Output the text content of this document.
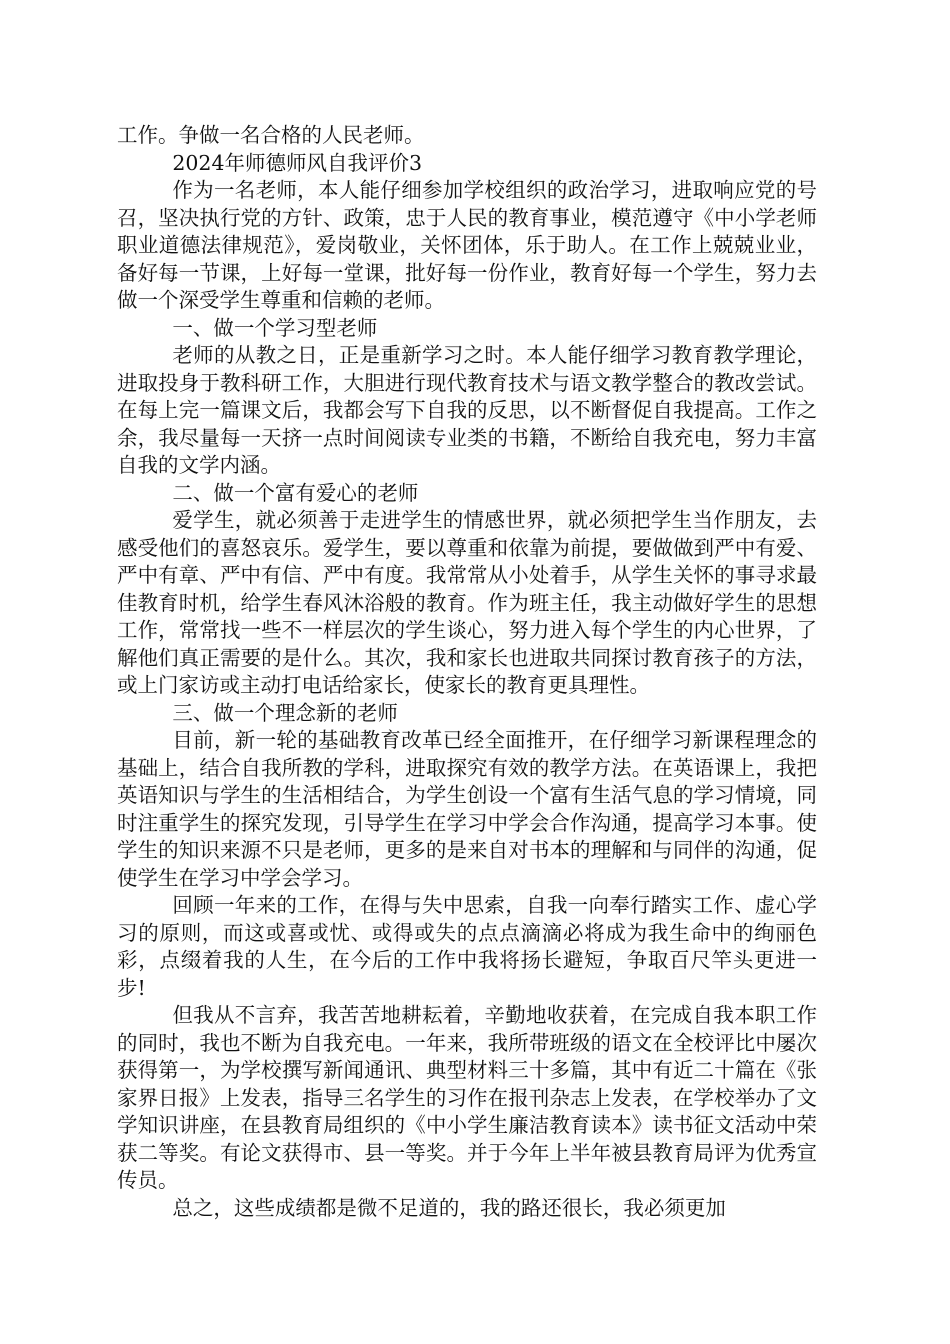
工作。争做一名合格的人民老师。

2024年师德师风自我评价3

作为一名老师，本人能仔细参加学校组织的政治学习，进取响应党的号召，坚决执行党的方针、政策，忠于人民的教育事业，模范遵守《中小学老师职业道德法律规范》，爱岗敬业，关怀团体，乐于助人。在工作上兢兢业业，备好每一节课，上好每一堂课，批好每一份作业，教育好每一个学生，努力去做一个深受学生尊重和信赖的老师。

一、做一个学习型老师

老师的从教之日，正是重新学习之时。本人能仔细学习教育教学理论，进取投身于教科研工作，大胆进行现代教育技术与语文教学整合的教改尝试。在每上完一篇课文后，我都会写下自我的反思，以不断督促自我提高。工作之余，我尽量每一天挤一点时间阅读专业类的书籍，不断给自我充电，努力丰富自我的文学内涵。

二、做一个富有爱心的老师

爱学生，就必须善于走进学生的情感世界，就必须把学生当作朋友，去感受他们的喜怒哀乐。爱学生，要以尊重和依靠为前提，要做做到严中有爱、严中有章、严中有信、严中有度。我常常从小处着手，从学生关怀的事寻求最佳教育时机，给学生春风沐浴般的教育。作为班主任，我主动做好学生的思想工作，常常找一些不一样层次的学生谈心，努力进入每个学生的内心世界，了解他们真正需要的是什么。其次，我和家长也进取共同探讨教育孩子的方法，或上门家访或主动打电话给家长，使家长的教育更具理性。

三、做一个理念新的老师

目前，新一轮的基础教育改革已经全面推开，在仔细学习新课程理念的基础上，结合自我所教的学科，进取探究有效的教学方法。在英语课上，我把英语知识与学生的生活相结合，为学生创设一个富有生活气息的学习情境，同时注重学生的探究发现，引导学生在学习中学会合作沟通，提高学习本事。使学生的知识来源不只是老师，更多的是来自对书本的理解和与同伴的沟通，促使学生在学习中学会学习。

回顾一年来的工作，在得与失中思索，自我一向奉行踏实工作、虚心学习的原则，而这或喜或忧、或得或失的点点滴滴必将成为我生命中的绚丽色彩，点缀着我的人生，在今后的工作中我将扬长避短，争取百尺竿头更进一步!

但我从不言弃，我苦苦地耕耘着，辛勤地收获着，在完成自我本职工作的同时，我也不断为自我充电。一年来，我所带班级的语文在全校评比中屡次获得第一，为学校撰写新闻通讯、典型材料三十多篇，其中有近二十篇在《张家界日报》上发表，指导三名学生的习作在报刊杂志上发表，在学校举办了文学知识讲座，在县教育局组织的《中小学生廉洁教育读本》读书征文活动中荣获二等奖。有论文获得市、县一等奖。并于今年上半年被县教育局评为优秀宣传员。

总之，这些成绩都是微不足道的，我的路还很长，我必须更加
